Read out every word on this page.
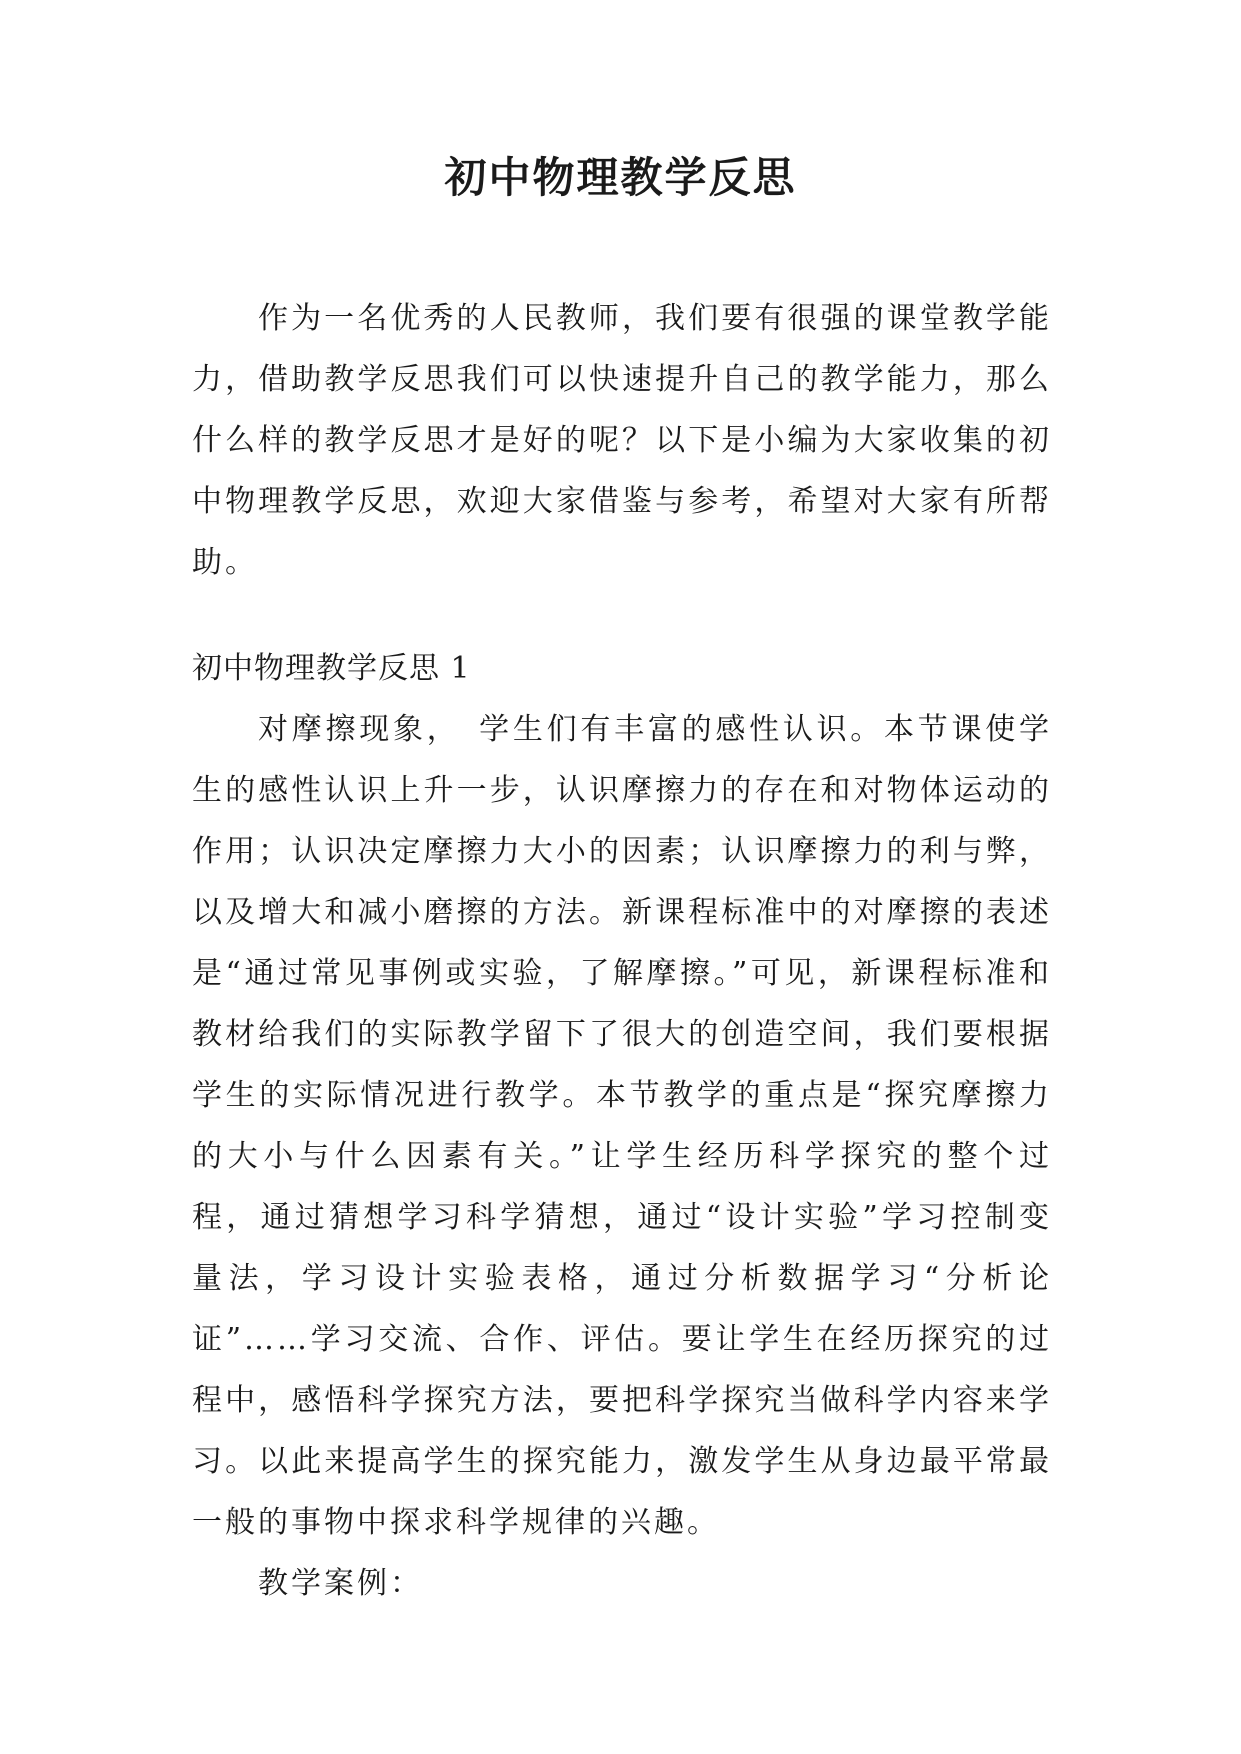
初中物理教学反思

作为一名优秀的人民教师，我们要有很强的课堂教学能力，借助教学反思我们可以快速提升自己的教学能力，那么什么样的教学反思才是好的呢？以下是小编为大家收集的初中物理教学反思，欢迎大家借鉴与参考，希望对大家有所帮助。

初中物理教学反思 1

对摩擦现象，　学生们有丰富的感性认识。本节课使学生的感性认识上升一步，认识摩擦力的存在和对物体运动的作用；认识决定摩擦力大小的因素；认识摩擦力的利与弊，以及增大和减小磨擦的方法。新课程标准中的对摩擦的表述是“通过常见事例或实验，了解摩擦。”可见，新课程标准和教材给我们的实际教学留下了很大的创造空间，我们要根据学生的实际情况进行教学。本节教学的重点是“探究摩擦力的大小与什么因素有关。”让学生经历科学探究的整个过程，通过猜想学习科学猜想，通过“设计实验”学习控制变量法，学习设计实验表格，通过分析数据学习“分析论证”……学习交流、合作、评估。要让学生在经历探究的过程中，感悟科学探究方法，要把科学探究当做科学内容来学习。以此来提高学生的探究能力，激发学生从身边最平常最一般的事物中探求科学规律的兴趣。

教学案例：
